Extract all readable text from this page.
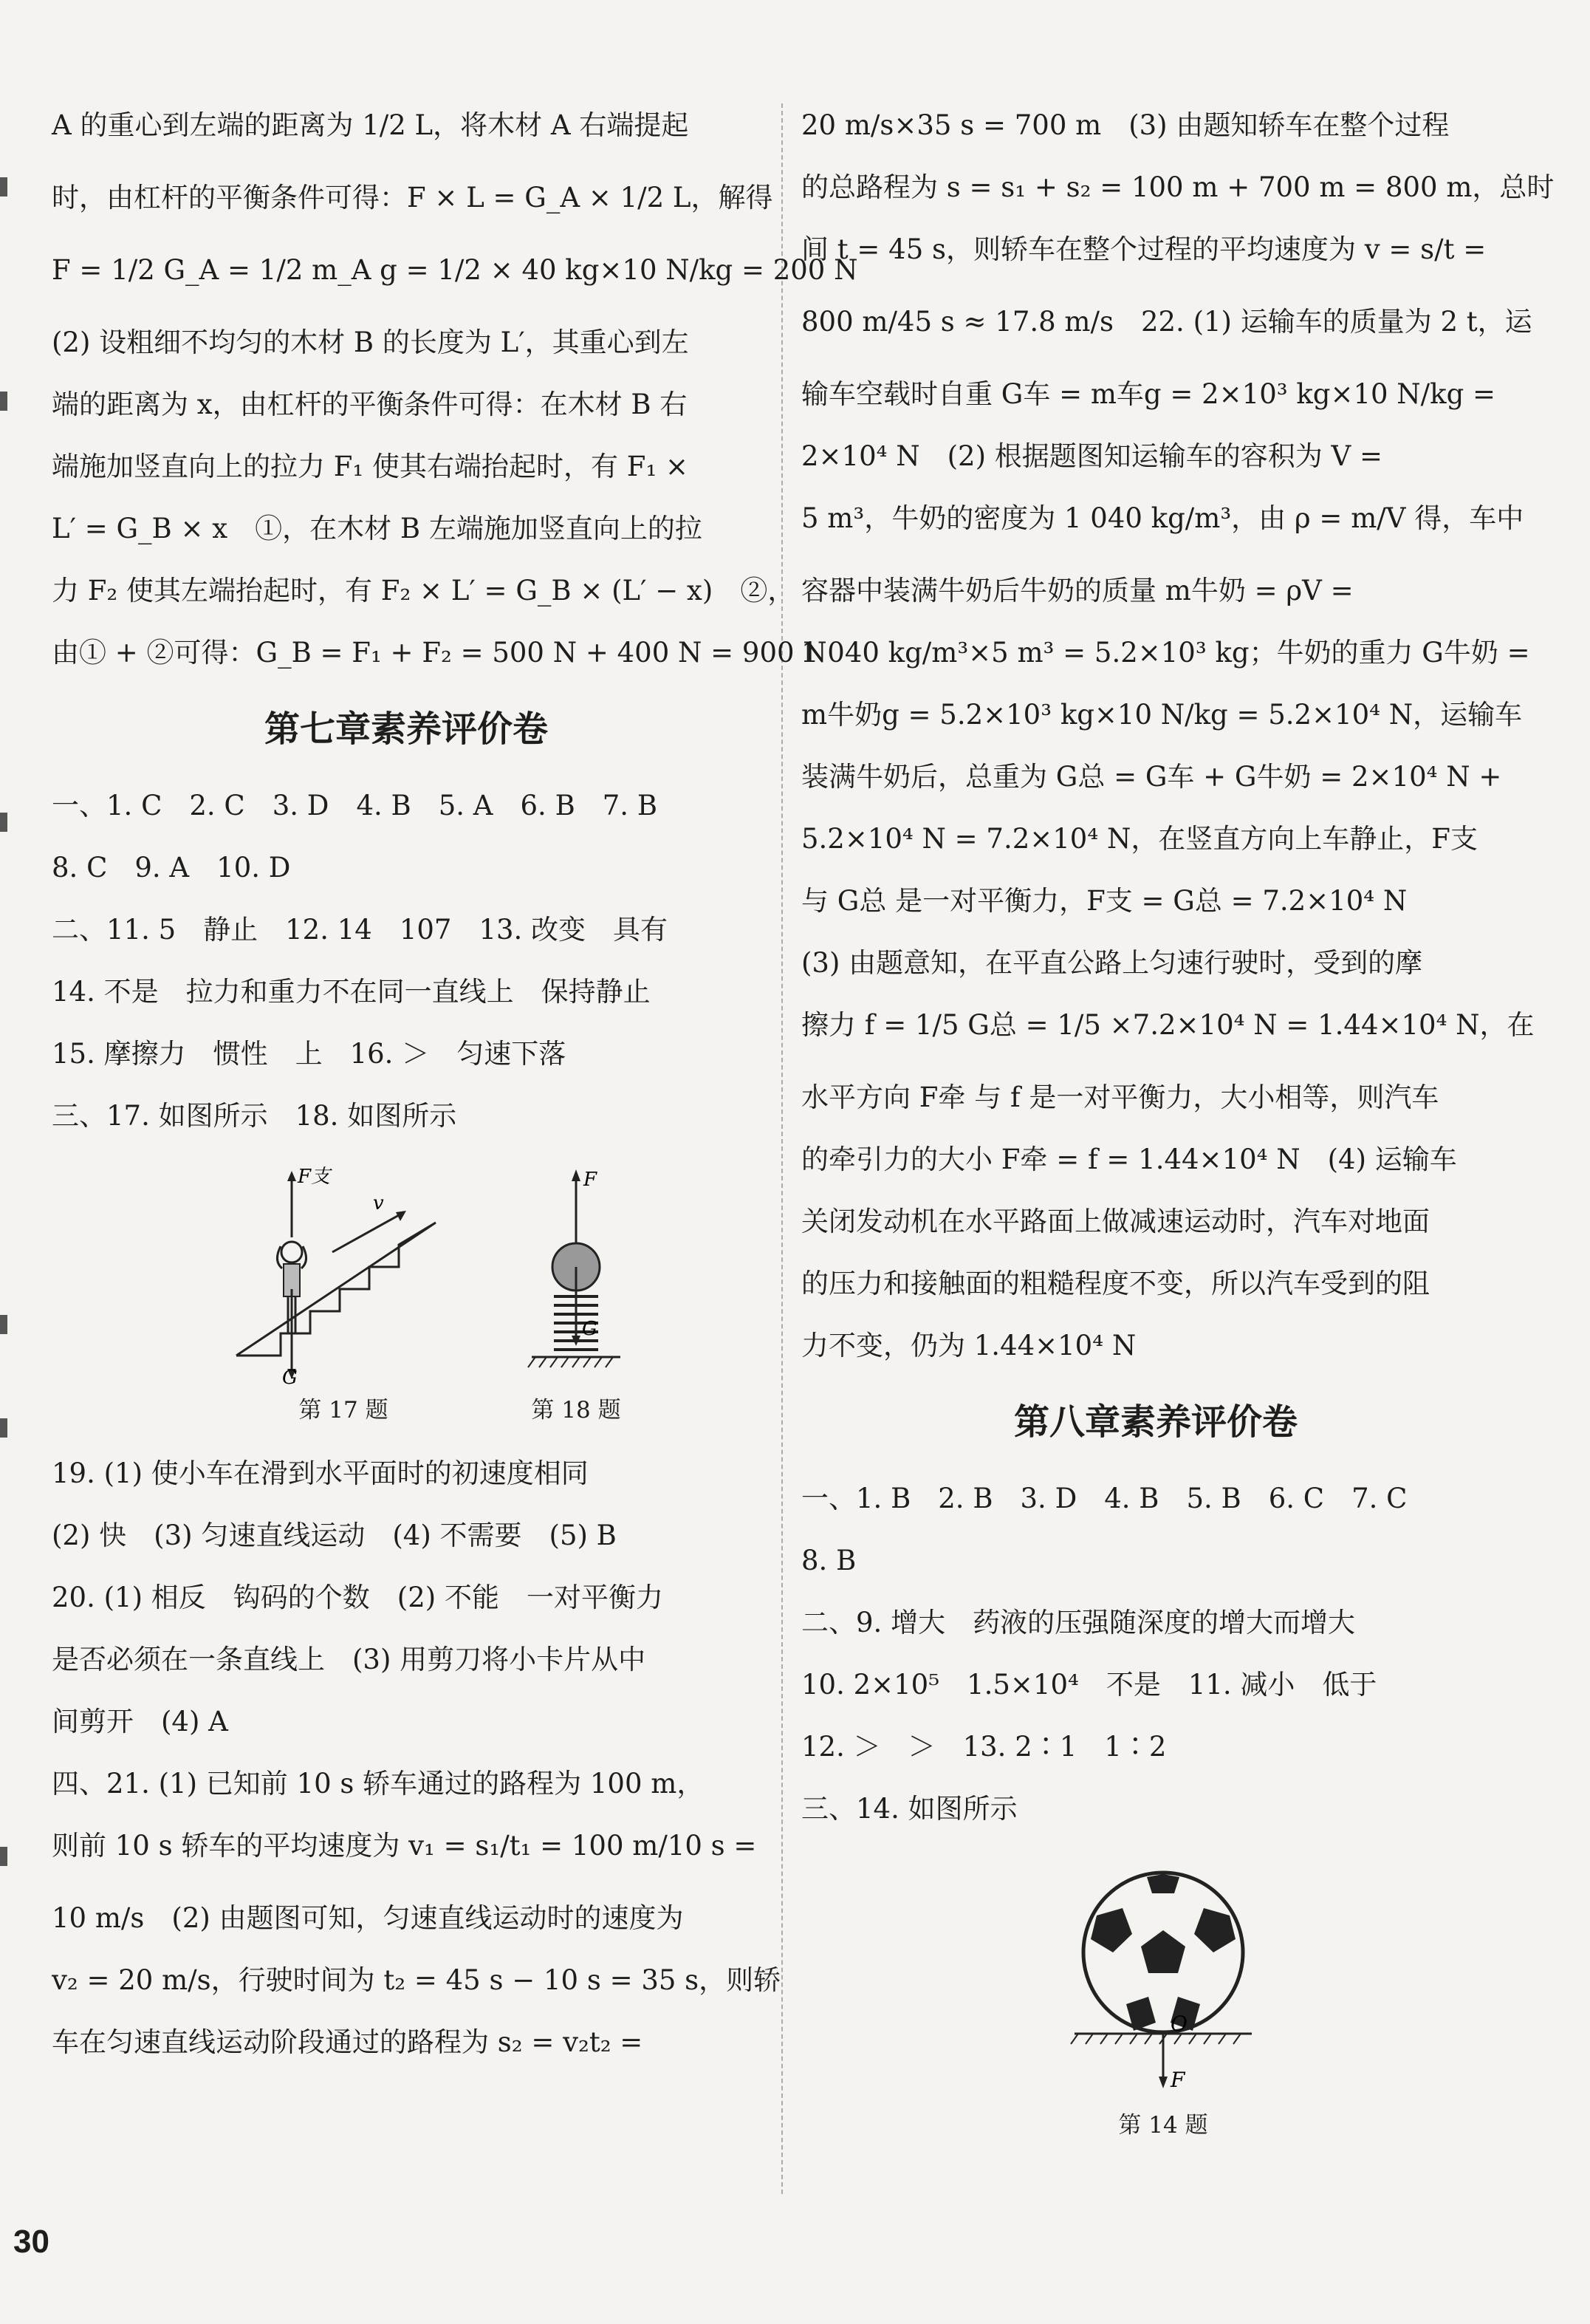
A 的重心到左端的距离为 1/2 L，将木材 A 右端提起
时，由杠杆的平衡条件可得：F × L = G_A × 1/2 L，解得
F = 1/2 G_A = 1/2 m_A g = 1/2 × 40 kg×10 N/kg = 200 N
(2) 设粗细不均匀的木材 B 的长度为 L′，其重心到左
端的距离为 x，由杠杆的平衡条件可得：在木材 B 右
端施加竖直向上的拉力 F₁ 使其右端抬起时，有 F₁ ×
L′ = G_B × x　①，在木材 B 左端施加竖直向上的拉
力 F₂ 使其左端抬起时，有 F₂ × L′ = G_B × (L′ − x)　②，
由① + ②可得：G_B = F₁ + F₂ = 500 N + 400 N = 900 N
第七章素养评价卷
一、1. C　2. C　3. D　4. B　5. A　6. B　7. B
8. C　9. A　10. D
二、11. 5　静止　12. 14　107　13. 改变　具有
14. 不是　拉力和重力不在同一直线上　保持静止
15. 摩擦力　惯性　上　16. ＞　匀速下落
三、17. 如图所示　18. 如图所示
F支
G
v
第 17 题
F
G
第 18 题
19. (1) 使小车在滑到水平面时的初速度相同
(2) 快　(3) 匀速直线运动　(4) 不需要　(5) B
20. (1) 相反　钩码的个数　(2) 不能　一对平衡力
是否必须在一条直线上　(3) 用剪刀将小卡片从中
间剪开　(4) A
四、21. (1) 已知前 10 s 轿车通过的路程为 100 m，
则前 10 s 轿车的平均速度为 v₁ = s₁/t₁ = 100 m/10 s =
10 m/s　(2) 由题图可知，匀速直线运动时的速度为
v₂ = 20 m/s，行驶时间为 t₂ = 45 s − 10 s = 35 s，则轿
车在匀速直线运动阶段通过的路程为 s₂ = v₂t₂ =
20 m/s×35 s = 700 m　(3) 由题知轿车在整个过程
的总路程为 s = s₁ + s₂ = 100 m + 700 m = 800 m，总时
间 t = 45 s，则轿车在整个过程的平均速度为 v = s/t =
800 m/45 s ≈ 17.8 m/s　22. (1) 运输车的质量为 2 t，运
输车空载时自重 G车 = m车g = 2×10³ kg×10 N/kg =
2×10⁴ N　(2) 根据题图知运输车的容积为 V =
5 m³，牛奶的密度为 1 040 kg/m³，由 ρ = m/V 得，车中
容器中装满牛奶后牛奶的质量 m牛奶 = ρV =
1 040 kg/m³×5 m³ = 5.2×10³ kg；牛奶的重力 G牛奶 =
m牛奶g = 5.2×10³ kg×10 N/kg = 5.2×10⁴ N，运输车
装满牛奶后，总重为 G总 = G车 + G牛奶 = 2×10⁴ N +
5.2×10⁴ N = 7.2×10⁴ N，在竖直方向上车静止，F支
与 G总 是一对平衡力，F支 = G总 = 7.2×10⁴ N
(3) 由题意知，在平直公路上匀速行驶时，受到的摩
擦力 f = 1/5 G总 = 1/5 ×7.2×10⁴ N = 1.44×10⁴ N，在
水平方向 F牵 与 f 是一对平衡力，大小相等，则汽车
的牵引力的大小 F牵 = f = 1.44×10⁴ N　(4) 运输车
关闭发动机在水平路面上做减速运动时，汽车对地面
的压力和接触面的粗糙程度不变，所以汽车受到的阻
力不变，仍为 1.44×10⁴ N
第八章素养评价卷
一、1. B　2. B　3. D　4. B　5. B　6. C　7. C
8. B
二、9. 增大　药液的压强随深度的增大而增大
10. 2×10⁵　1.5×10⁴　不是　11. 减小　低于
12. ＞　＞　13. 2∶1　1∶2
三、14. 如图所示
O
F
第 14 题
30
